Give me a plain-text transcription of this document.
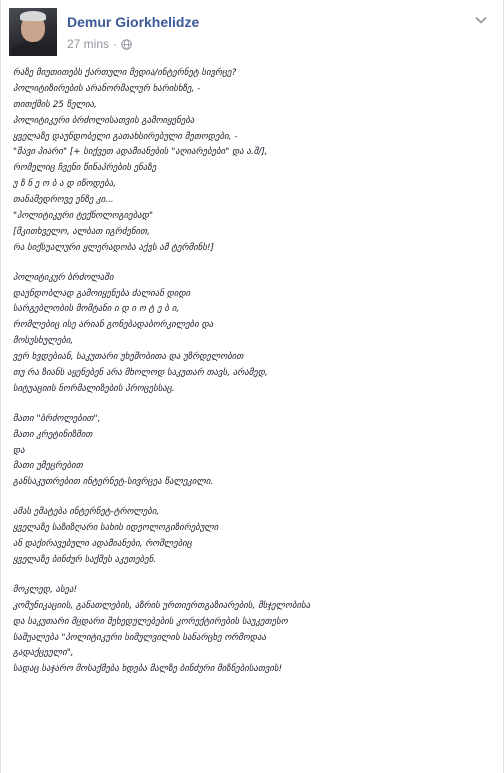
Demur Giorkhelidze
27 mins ·
რაზე მიუთითებს ქართული მედია/ინტერნეტ სივრცე?
პოლიტიზირების არანორმალურ ხარისხზე, -
თითქმის 25 წელია,
პოლიტიკური ბრძოლისათვის გამოიყენება
ყველაზე დაუნდობელი გათახსირებული მეთოდები, -
"შავი პიარი" [+ სიქვეთ ადამიანების "აღიარებები" და ა.შ/],
რომელიც ჩვენი წინაპრების ენაზე
უ ზ ნ ე ო ბ ა დ იწოდება,
თანამედროვე ენზე კი...
"პოლიტიკური ტექნოლოგიებად"
[მკითხველო, ალბათ იგრძენით,
რა სიქსუალური ყლერადობა აქვს ამ ტერმინს!]
პოლიტიკურ ბრძოლაში
დაუნდობლად გამოიყენება ძალიან დიდი
სარგებლობის მომტანი ი დ ი ო ტ ე ბ ი,
რომლებიც ისე არიან გონებადაბორკილები და
მოსუსხულები,
ვერ ხვდებიან, საკუთარი უხეშობითა და უზრდელობით
თუ რა ზიანს აყენებენ არა მხოლოდ საკუთარ თავს, არამედ,
სიტუაციის ნორმალიზების პროცესსაც.
მათი "ბრძოლებით",
მათი კრეტინიზმით
და
მათი უმეცრებით
განსაკუთრებით ინტერნეტ-სივრცეა წალეკილი.
ამას ემატება ინტერნეტ-ტროლები,
ყველაზე საზიზღარი სახის იდეოლოგიზირებული
ან დაქირავებული ადამიანები, რომლებიც
ყველაზე ბინძურ საქმეს აკეთებენ.
მოკლედ, ასეა!
კომუნიკაციის, განათლების, აზრის ურთიერთგაზიარების, მსჯელობისა
და საკუთარი მცდარი შეხედულებების კორექტირების საუკეთესო
საშუალება "პოლიტიკური სიმულვილის სანარცხე ორმოდაა
გადაქცეული",
სადაც საჯარო მოსაქმება ხდება მალზე ბინძური მიზნებისათვის!
